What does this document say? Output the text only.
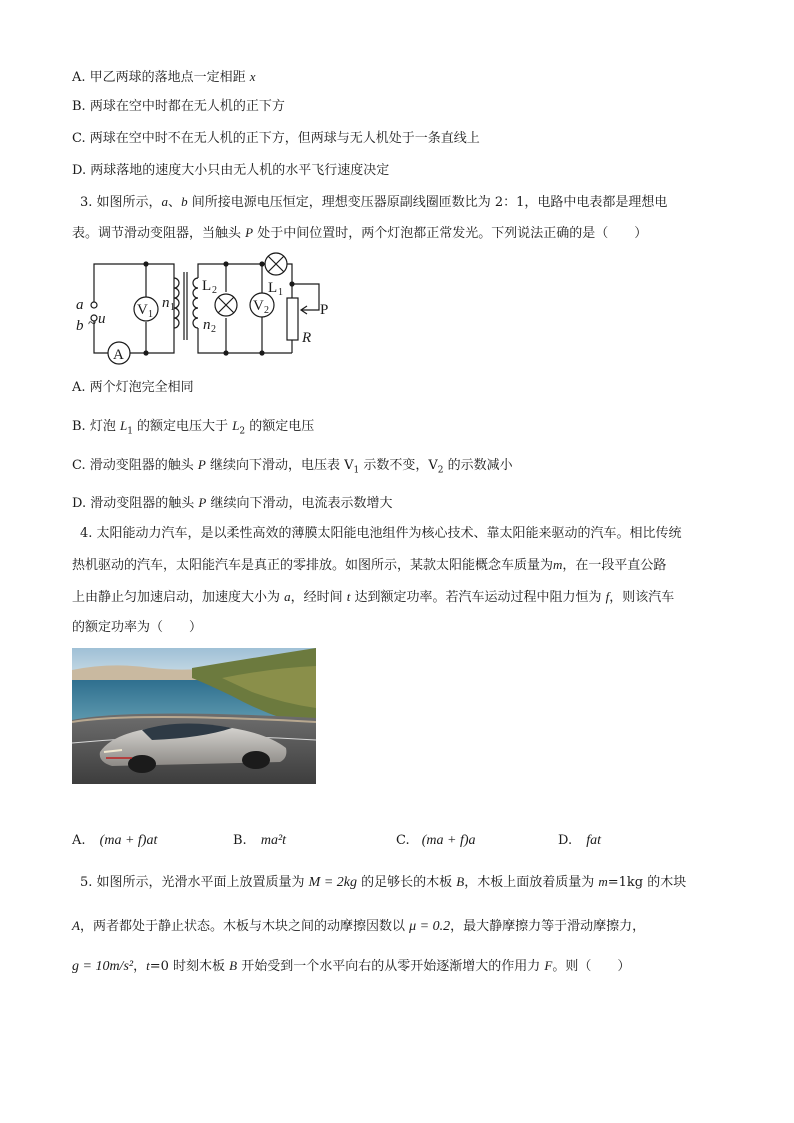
A. 甲乙两球的落地点一定相距 x
B. 两球在空中时都在无人机的正下方
C. 两球在空中时不在无人机的正下方，但两球与无人机处于一条直线上
D. 两球落地的速度大小只由无人机的水平飞行速度决定
3. 如图所示，a、b 间所接电源电压恒定，理想变压器原副线圈匝数比为 2：1，电路中电表都是理想电
表。调节滑动变阻器，当触头 P 处于中间位置时，两个灯泡都正常发光。下列说法正确的是（　　）
A
V 1
V 2
a
b ~ u
n 1
n 2
L 2	L 1
P
R
A. 两个灯泡完全相同
B. 灯泡 $L_1$ 的额定电压大于 $L_2$ 的额定电压
C. 滑动变阻器的触头 P 继续向下滑动，电压表 $V_1$ 示数不变，$V_2$ 的示数减小
D. 滑动变阻器的触头 P 继续向下滑动，电流表示数增大
4. 太阳能动力汽车，是以柔性高效的薄膜太阳能电池组件为核心技术、靠太阳能来驱动的汽车。相比传统
热机驱动的汽车，太阳能汽车是真正的零排放。如图所示，某款太阳能概念车质量为m，在一段平直公路
上由静止匀加速启动，加速度大小为 a，经时间 t 达到额定功率。若汽车运动过程中阻力恒为 f，则该汽车
的额定功率为（　　）
A. (ma + f)at	B. ma²t	C. (ma + f)a	D. fat
5. 如图所示，光滑水平面上放置质量为 M = 2kg 的足够长的木板 B，木板上面放着质量为 m=1kg 的木块
A，两者都处于静止状态。木板与木块之间的动摩擦因数以 μ = 0.2，最大静摩擦力等于滑动摩擦力，
g = 10m/s²，t=0 时刻木板 B 开始受到一个水平向右的从零开始逐渐增大的作用力 F。则（　　）
